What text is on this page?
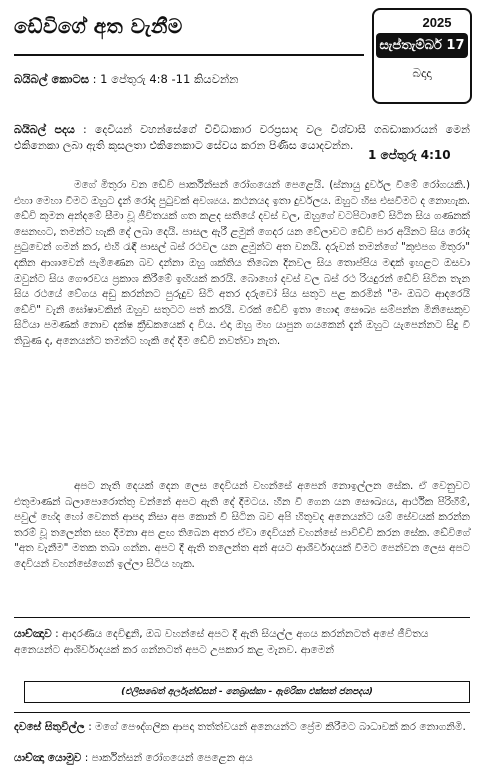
ඩේවිගේ අත වැනීම	2025
සැප්තැම්බර් 17
බදාදා
බයිබල් කොටස : 1 පේතුරු 4:8 -11 කියවන්න
බයිබල් පදය : දෙවියන් වහන්සේගේ විවිධාකාර වරප්‍රසාද වල විශ්වාසී ගබඩාකාරයන් මෙන් එකිනෙකා ලබා ඇති කුසලතා එකිනෙකාට සේවය කරන පිණිස යොදවන්න.
1 පේතුරු 4:10

මගේ මිතුරා වන ඩේවි පාර්කින්සන් රෝගයෙන් පෙළෙයි. (ස්නායු දුර්වල වීමේ රෝගයකි.) එහා මෙහා වීමට ඔහුට දැන් රෝද පුටුවක් අවශ්‍යය. කථනයද ඉතා දුර්වලය. ඔහුට හිස එසවීමට ද නොහැක. ඩේවි කුමන අන්දමේ සීමා වූ ජීවිතයක් ගත කළද සතියේ දවස් වල, ඔහුගේ වටපිටාවේ සිටින සිය ගණනක් සෙනඟට, තමන්ට හැකි දේ ලබා දෙයි. පාසල ඇරී ළමුන් ගෙදර යන වේලාවට ඩේවි පාර අයිනට සිය රෝද පුටුවෙන් ගමන් කර, එහි රැඳී පාසල් බස් රථවල යන ළමුන්ට අත වනයි. දරුවන් තමන්ගේ "කුළුපග මිතුරා" දකින ආශාවෙන් පැමිණෙන බව දන්නා ඔහු ශක්තිය තිබෙන දිනවල සිය තොප්පිය මඳක් ඉහළට ඔසවා ඔවුන්ට සිය ගෞරවය ප්‍රකාශ කිරීමේ ඉඟියක් කරයි. බොහෝ දවස් වල බස් රථ රියදුරන් ඩේවි සිටින තැන සිය රථයේ වේගය අඩු කරන්නට පුරුදුව සිටි අතර දරුවෝ සිය සතුට පළ කරමින් "මං ඔබට ආදරෙයි ඩේවි" වැනි ඝෝෂාවකින් ඔහුව සතුටට පත් කරයි. වරක් ඩේවි ඉතා හොඳ සෞඛ්‍ය සම්පන්න මිනිසෙකුව සිටියා පමණක් නොව දක්ෂ ක්‍රීඩකයෙක් ද විය. එදා ඔහු මහ යාපුන ගයකෙන් දැන් ඔහුට යැපෙන්නට සිදු වී තිබුණ ද, අනෙයන්ට තමන්ට හැකි දේ දීම ඩේවි නවත්වා නැත.

අපට නැති දෙයක් දෙන ලෙස දෙවියන් වහන්සේ අපෙන් නොඉල්ලන සේක. ඒ වෙනුවට එතුමාණන් බලාපොරොත්තු වන්නේ අපට ඇති දේ දීමටය. හීන වී ගෙන යන සෞඛ්‍යය, ආර්ථික පිරිහීම්, පවුල් හේද හෝ වෙනත් ආපදා නිසා අප කොන් වී සිටින බව අපි හිතුවද අනෙයන්ට යම් සේවයක් කරන්න තරම් වූ තලෙන්ත සහ දීමනා අප ළඟ තිබෙන අතර ඒවා දෙවියන් වහන්සේ පාවිච්චි කරන සේක. ඩේවිගේ "අත වැනීම" මතක තබා ගන්න. අපට දී ඇති තලෙන්ත අන් අයට ආශීර්වාදයක් වීමට පෙන්වන ලෙස අපට දෙවියන් වහන්සේගෙන් ඉල්ලා සිටිය හැක.
යාච්ඤාව : ආදරණීය දෙවිඳුනි, ඔබ වහන්සේ අපට දී ඇති සියල්ල අගය කරන්නටත් අපේ ජීවිතය අනෙයන්ට ආශිර්වාදයක් කර ගන්නටත් අපට උපකාර කළ මැනව. ආමෙන්
(එලිසබෙත් අර්ලෑන්ඩ්සන් - නෙබ්‍රාස්කා - ඇමරිකා එක්සත් ජනපදය)
දවසේ සිතුවිල්ල : මගේ පෞද්ගලික ආපදා තත්ත්වයන් අනෙයන්ට ප්‍රේම කිරීමට බාධාවක් කර නොගනිමි.
යාච්ඤා යොමුව : පාර්කින්සන් රෝගයෙන් පෙළෙන අය
